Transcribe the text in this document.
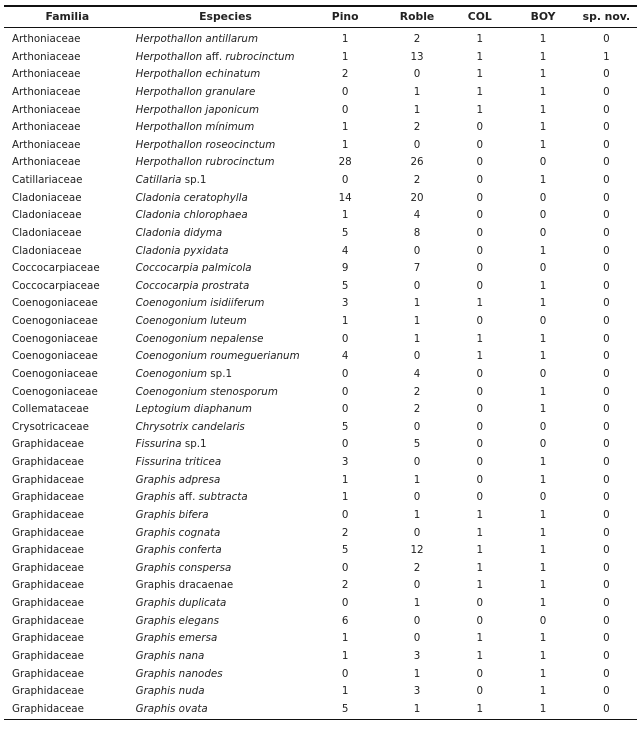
Familia	Especies	Pino	Roble	COL	BOY	sp. nov.
Arthoniaceae	Herpothallon antillarum	1	2	1	1	0
Arthoniaceae	Herpothallon aff. rubrocinctum	1	13	1	1	1
Arthoniaceae	Herpothallon echinatum	2	0	1	1	0
Arthoniaceae	Herpothallon granulare	0	1	1	1	0
Arthoniaceae	Herpothallon japonicum	0	1	1	1	0
Arthoniaceae	Herpothallon mínimum	1	2	0	1	0
Arthoniaceae	Herpothallon roseocinctum	1	0	0	1	0
Arthoniaceae	Herpothallon rubrocinctum	28	26	0	0	0
Catillariaceae	Catillaria sp.1	0	2	0	1	0
Cladoniaceae	Cladonia ceratophylla	14	20	0	0	0
Cladoniaceae	Cladonia chlorophaea	1	4	0	0	0
Cladoniaceae	Cladonia didyma	5	8	0	0	0
Cladoniaceae	Cladonia pyxidata	4	0	0	1	0
Coccocarpiaceae	Coccocarpia palmicola	9	7	0	0	0
Coccocarpiaceae	Coccocarpia prostrata	5	0	0	1	0
Coenogoniaceae	Coenogonium isidiiferum	3	1	1	1	0
Coenogoniaceae	Coenogonium luteum	1	1	0	0	0
Coenogoniaceae	Coenogonium nepalense	0	1	1	1	0
Coenogoniaceae	Coenogonium roumeguerianum	4	0	1	1	0
Coenogoniaceae	Coenogonium sp.1	0	4	0	0	0
Coenogoniaceae	Coenogonium stenosporum	0	2	0	1	0
Collemataceae	Leptogium diaphanum	0	2	0	1	0
Crysotricaceae	Chrysotrix candelaris	5	0	0	0	0
Graphidaceae	Fissurina sp.1	0	5	0	0	0
Graphidaceae	Fissurina triticea	3	0	0	1	0
Graphidaceae	Graphis adpresa	1	1	0	1	0
Graphidaceae	Graphis aff. subtracta	1	0	0	0	0
Graphidaceae	Graphis bifera	0	1	1	1	0
Graphidaceae	Graphis cognata	2	0	1	1	0
Graphidaceae	Graphis conferta	5	12	1	1	0
Graphidaceae	Graphis conspersa	0	2	1	1	0
Graphidaceae	Graphis dracaenae	2	0	1	1	0
Graphidaceae	Graphis duplicata	0	1	0	1	0
Graphidaceae	Graphis elegans	6	0	0	0	0
Graphidaceae	Graphis emersa	1	0	1	1	0
Graphidaceae	Graphis nana	1	3	1	1	0
Graphidaceae	Graphis nanodes	0	1	0	1	0
Graphidaceae	Graphis nuda	1	3	0	1	0
Graphidaceae	Graphis ovata	5	1	1	1	0
